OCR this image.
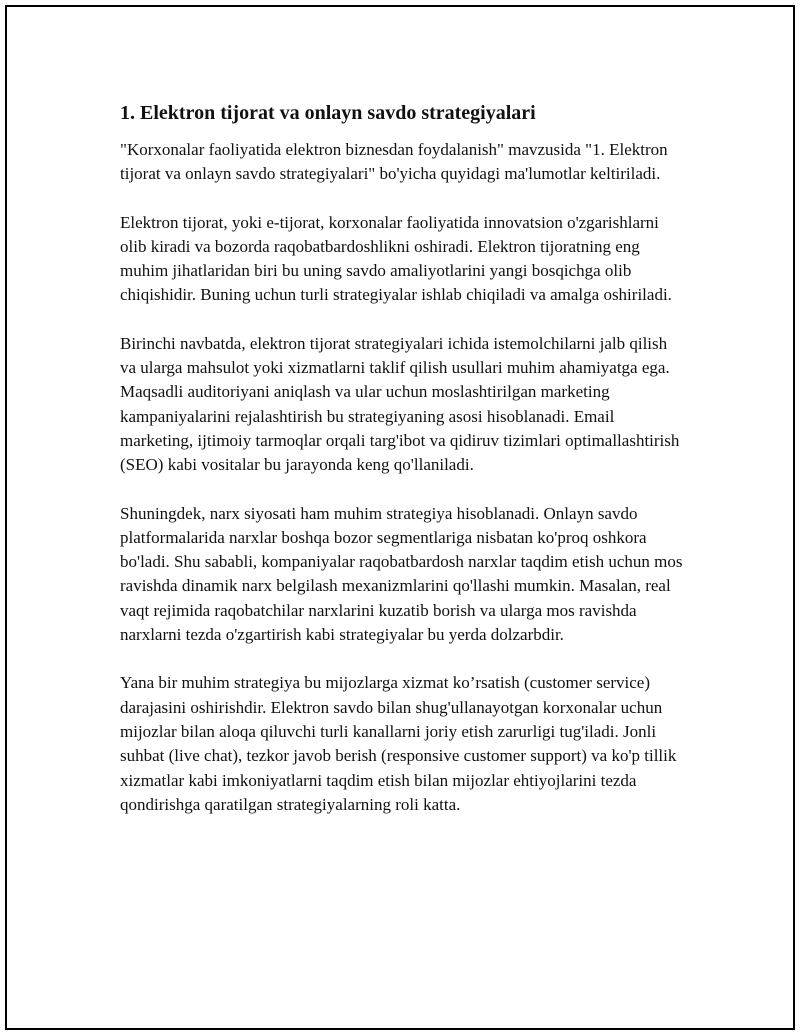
1. Elektron tijorat va onlayn savdo strategiyalari

"Korxonalar faoliyatida elektron biznesdan foydalanish" mavzusida "1. Elektron tijorat va onlayn savdo strategiyalari" bo'yicha quyidagi ma'lumotlar keltiriladi.

Elektron tijorat, yoki e-tijorat, korxonalar faoliyatida innovatsion o'zgarishlarni olib kiradi va bozorda raqobatbardoshlikni oshiradi. Elektron tijoratning eng muhim jihatlaridan biri bu uning savdo amaliyotlarini yangi bosqichga olib chiqishidir. Buning uchun turli strategiyalar ishlab chiqiladi va amalga oshiriladi.

Birinchi navbatda, elektron tijorat strategiyalari ichida istemolchilarni jalb qilish va ularga mahsulot yoki xizmatlarni taklif qilish usullari muhim ahamiyatga ega. Maqsadli auditoriyani aniqlash va ular uchun moslashtirilgan marketing kampaniyalarini rejalashtirish bu strategiyaning asosi hisoblanadi. Email marketing, ijtimoiy tarmoqlar orqali targ'ibot va qidiruv tizimlari optimallashtirish (SEO) kabi vositalar bu jarayonda keng qo'llaniladi.

Shuningdek, narx siyosati ham muhim strategiya hisoblanadi. Onlayn savdo platformalarida narxlar boshqa bozor segmentlariga nisbatan ko'proq oshkora bo'ladi. Shu sababli, kompaniyalar raqobatbardosh narxlar taqdim etish uchun mos ravishda dinamik narx belgilash mexanizmlarini qo'llashi mumkin. Masalan, real vaqt rejimida raqobatchilar narxlarini kuzatib borish va ularga mos ravishda narxlarni tezda o'zgartirish kabi strategiyalar bu yerda dolzarbdir.

Yana bir muhim strategiya bu mijozlarga xizmat ko’rsatish (customer service) darajasini oshirishdir. Elektron savdo bilan shug'ullanayotgan korxonalar uchun mijozlar bilan aloqa qiluvchi turli kanallarni joriy etish zarurligi tug'iladi. Jonli suhbat (live chat), tezkor javob berish (responsive customer support) va ko'p tillik xizmatlar kabi imkoniyatlarni taqdim etish bilan mijozlar ehtiyojlarini tezda qondirishga qaratilgan strategiyalarning roli katta.
